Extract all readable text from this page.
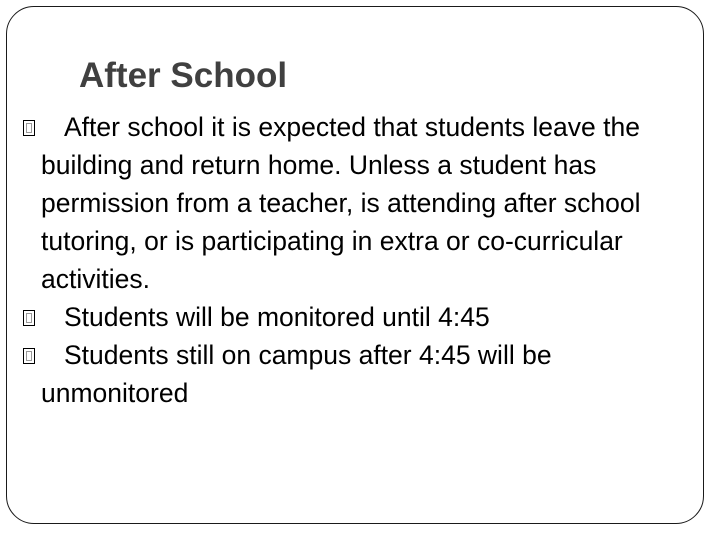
After School
After school it is expected that students leave the building and return home. Unless a student has permission from a teacher, is attending after school tutoring, or is participating in extra or co-curricular activities.
Students will be monitored until 4:45
Students still on campus after 4:45 will be unmonitored
